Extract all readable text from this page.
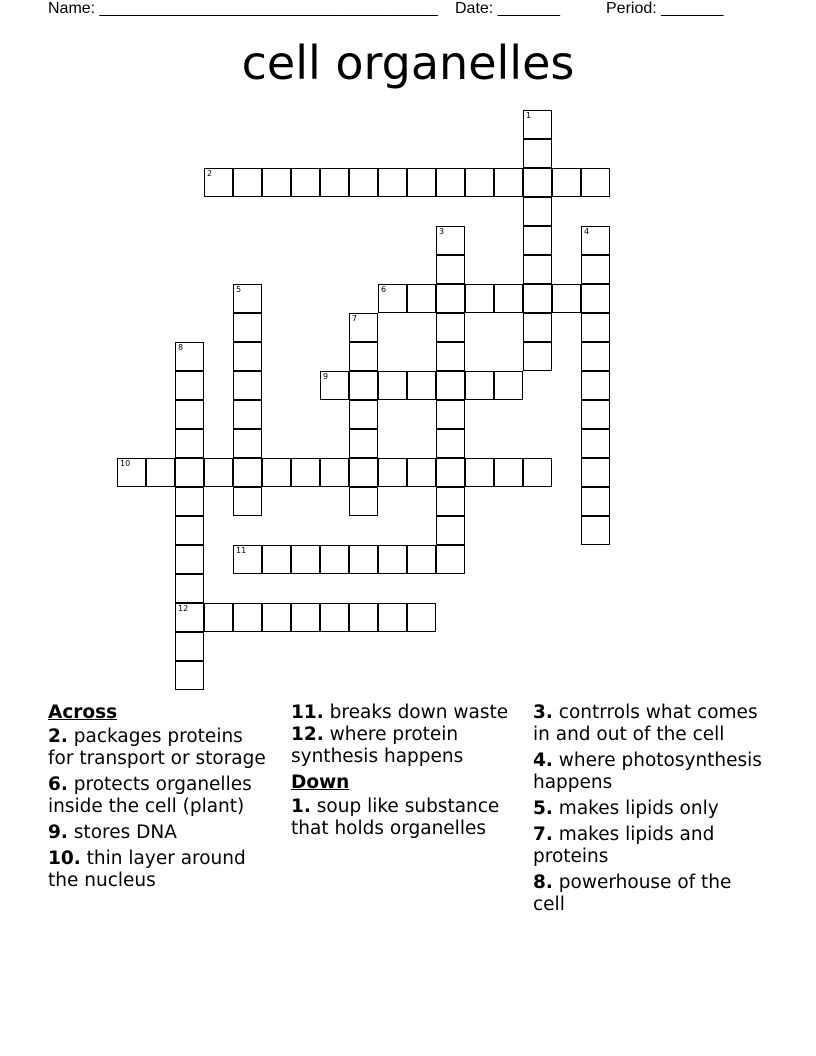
Name: ______________________________________ Date: _______	Period: _______
cell organelles
1
2
3	4
5	6
7
8
12
9
10
11
Across
2. packages proteins for transport or storage
6. protects organelles inside the cell (plant)
9. stores DNA
10. thin layer around the nucleus
11. breaks down waste
12. where protein synthesis happens
Down
1. soup like substance that holds organelles
3. contrrols what comes in and out of the cell
4. where photosynthesis happens
5. makes lipids only
7. makes lipids and proteins
8. powerhouse of the cell
